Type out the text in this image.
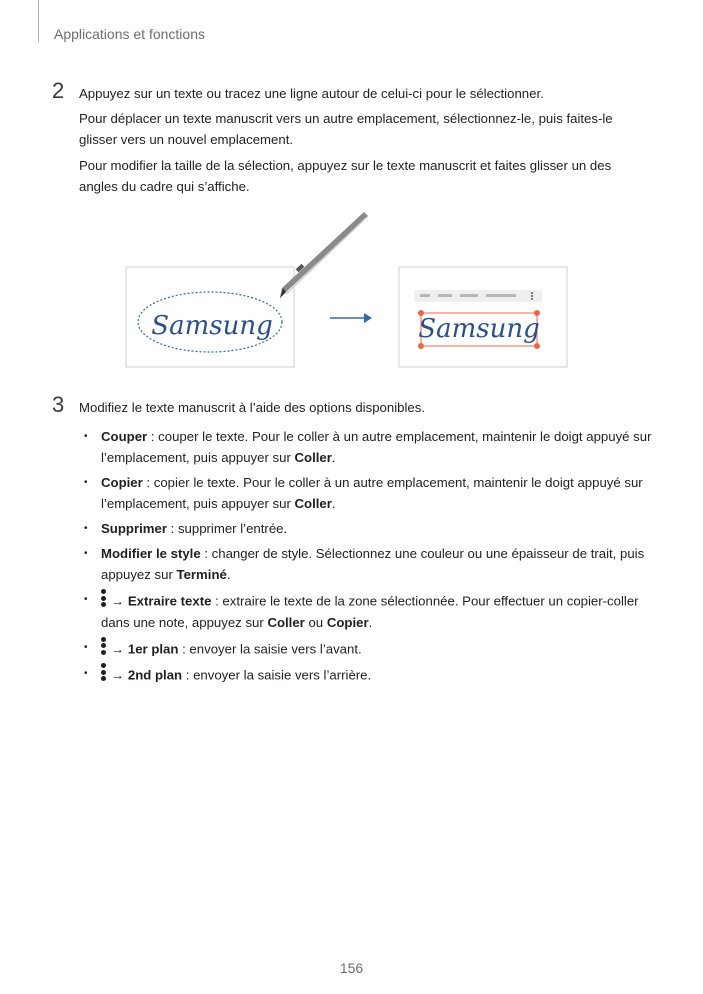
Applications et fonctions
2 Appuyez sur un texte ou tracez une ligne autour de celui-ci pour le sélectionner.
Pour déplacer un texte manuscrit vers un autre emplacement, sélectionnez-le, puis faites-le glisser vers un nouvel emplacement.
Pour modifier la taille de la sélection, appuyez sur le texte manuscrit et faites glisser un des angles du cadre qui s’affiche.
Samsung	Samsung
3 Modifiez le texte manuscrit à l’aide des options disponibles.
• Couper : couper le texte. Pour le coller à un autre emplacement, maintenir le doigt appuyé sur l’emplacement, puis appuyer sur Coller.
• Copier : copier le texte. Pour le coller à un autre emplacement, maintenir le doigt appuyé sur l’emplacement, puis appuyer sur Coller.
• Supprimer : supprimer l’entrée.
• Modifier le style : changer de style. Sélectionnez une couleur ou une épaisseur de trait, puis appuyez sur Terminé.
• → Extraire texte : extraire le texte de la zone sélectionnée. Pour effectuer un copier-coller dans une note, appuyez sur Coller ou Copier.
• → 1er plan : envoyer la saisie vers l’avant.
• → 2nd plan : envoyer la saisie vers l’arrière.
156
